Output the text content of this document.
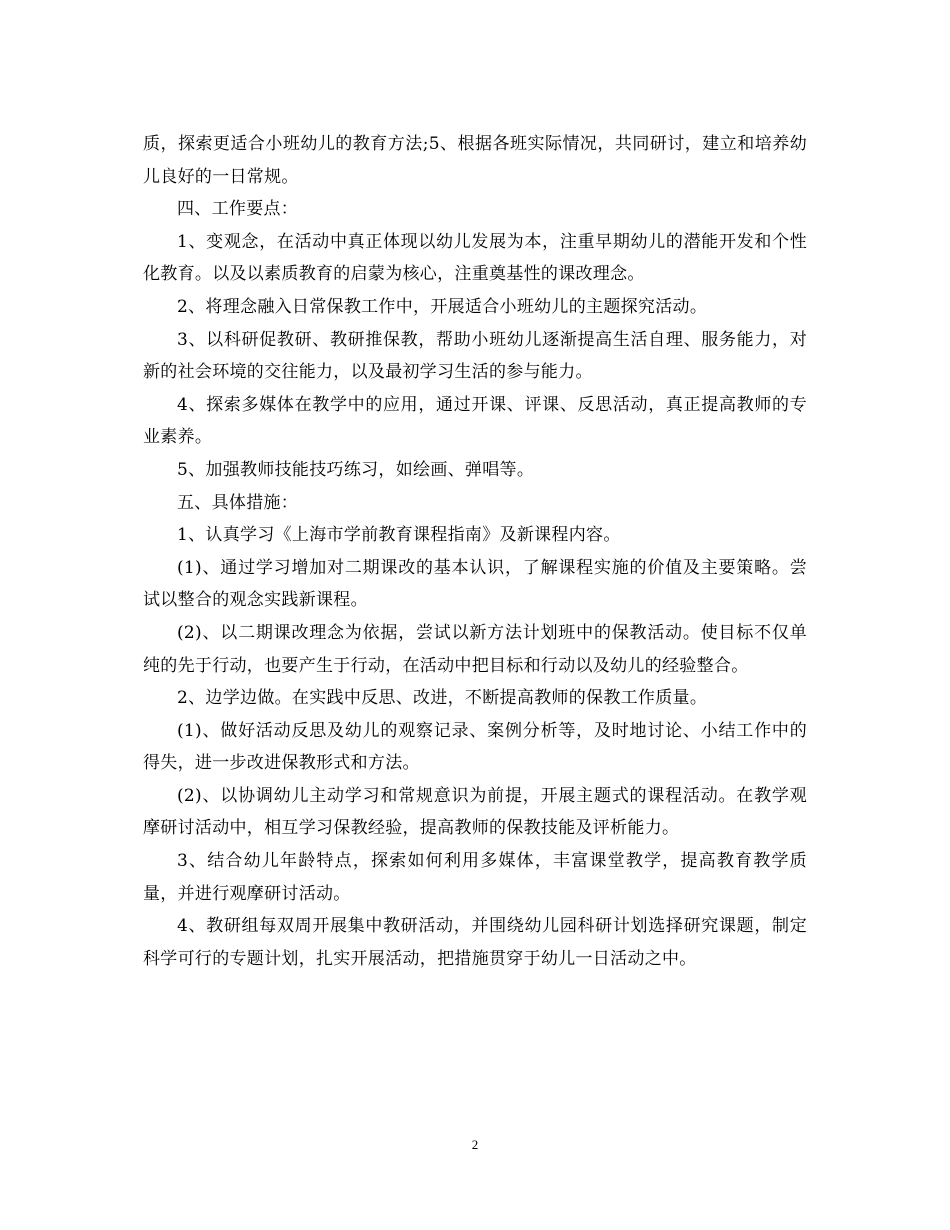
质，探索更适合小班幼儿的教育方法;5、根据各班实际情况，共同研讨，建立和培养幼儿良好的一日常规。

四、工作要点：

1、变观念，在活动中真正体现以幼儿发展为本，注重早期幼儿的潜能开发和个性化教育。以及以素质教育的启蒙为核心，注重奠基性的课改理念。

2、将理念融入日常保教工作中，开展适合小班幼儿的主题探究活动。

3、以科研促教研、教研推保教，帮助小班幼儿逐渐提高生活自理、服务能力，对新的社会环境的交往能力，以及最初学习生活的参与能力。

4、探索多媒体在教学中的应用，通过开课、评课、反思活动，真正提高教师的专业素养。

5、加强教师技能技巧练习，如绘画、弹唱等。

五、具体措施：

1、认真学习《上海市学前教育课程指南》及新课程内容。

(1)、通过学习增加对二期课改的基本认识，了解课程实施的价值及主要策略。尝试以整合的观念实践新课程。

(2)、以二期课改理念为依据，尝试以新方法计划班中的保教活动。使目标不仅单纯的先于行动，也要产生于行动，在活动中把目标和行动以及幼儿的经验整合。

2、边学边做。在实践中反思、改进，不断提高教师的保教工作质量。

(1)、做好活动反思及幼儿的观察记录、案例分析等，及时地讨论、小结工作中的得失，进一步改进保教形式和方法。

(2)、以协调幼儿主动学习和常规意识为前提，开展主题式的课程活动。在教学观摩研讨活动中，相互学习保教经验，提高教师的保教技能及评析能力。

3、结合幼儿年龄特点，探索如何利用多媒体，丰富课堂教学，提高教育教学质量，并进行观摩研讨活动。

4、教研组每双周开展集中教研活动，并围绕幼儿园科研计划选择研究课题，制定科学可行的专题计划，扎实开展活动，把措施贯穿于幼儿一日活动之中。

2
